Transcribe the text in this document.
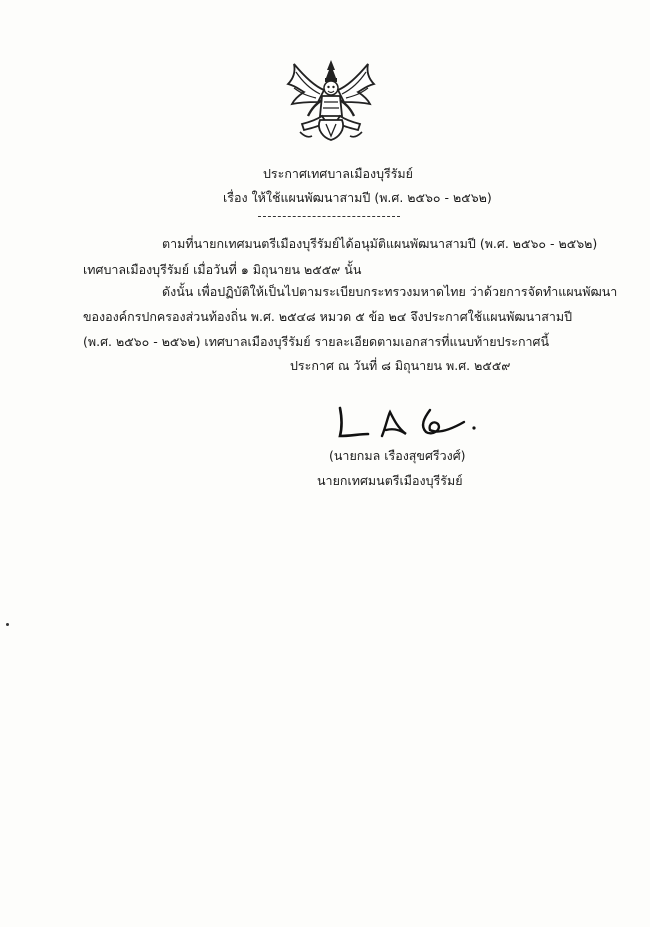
ประกาศเทศบาลเมืองบุรีรัมย์
เรื่อง ให้ใช้แผนพัฒนาสามปี (พ.ศ. ๒๕๖๐ - ๒๕๖๒)
ตามที่นายกเทศมนตรีเมืองบุรีรัมย์ได้อนุมัติแผนพัฒนาสามปี (พ.ศ. ๒๕๖๐ - ๒๕๖๒)
เทศบาลเมืองบุรีรัมย์ เมื่อวันที่ ๑ มิถุนายน ๒๕๕๙ นั้น
ดังนั้น เพื่อปฏิบัติให้เป็นไปตามระเบียบกระทรวงมหาดไทย ว่าด้วยการจัดทำแผนพัฒนา
ขององค์กรปกครองส่วนท้องถิ่น พ.ศ. ๒๕๔๘ หมวด ๕ ข้อ ๒๔ จึงประกาศใช้แผนพัฒนาสามปี
(พ.ศ. ๒๕๖๐ - ๒๕๖๒) เทศบาลเมืองบุรีรัมย์ รายละเอียดตามเอกสารที่แนบท้ายประกาศนี้
ประกาศ ณ วันที่ ๘ มิถุนายน พ.ศ. ๒๕๕๙
(นายกมล เรืองสุขศรีวงศ์)
นายกเทศมนตรีเมืองบุรีรัมย์
